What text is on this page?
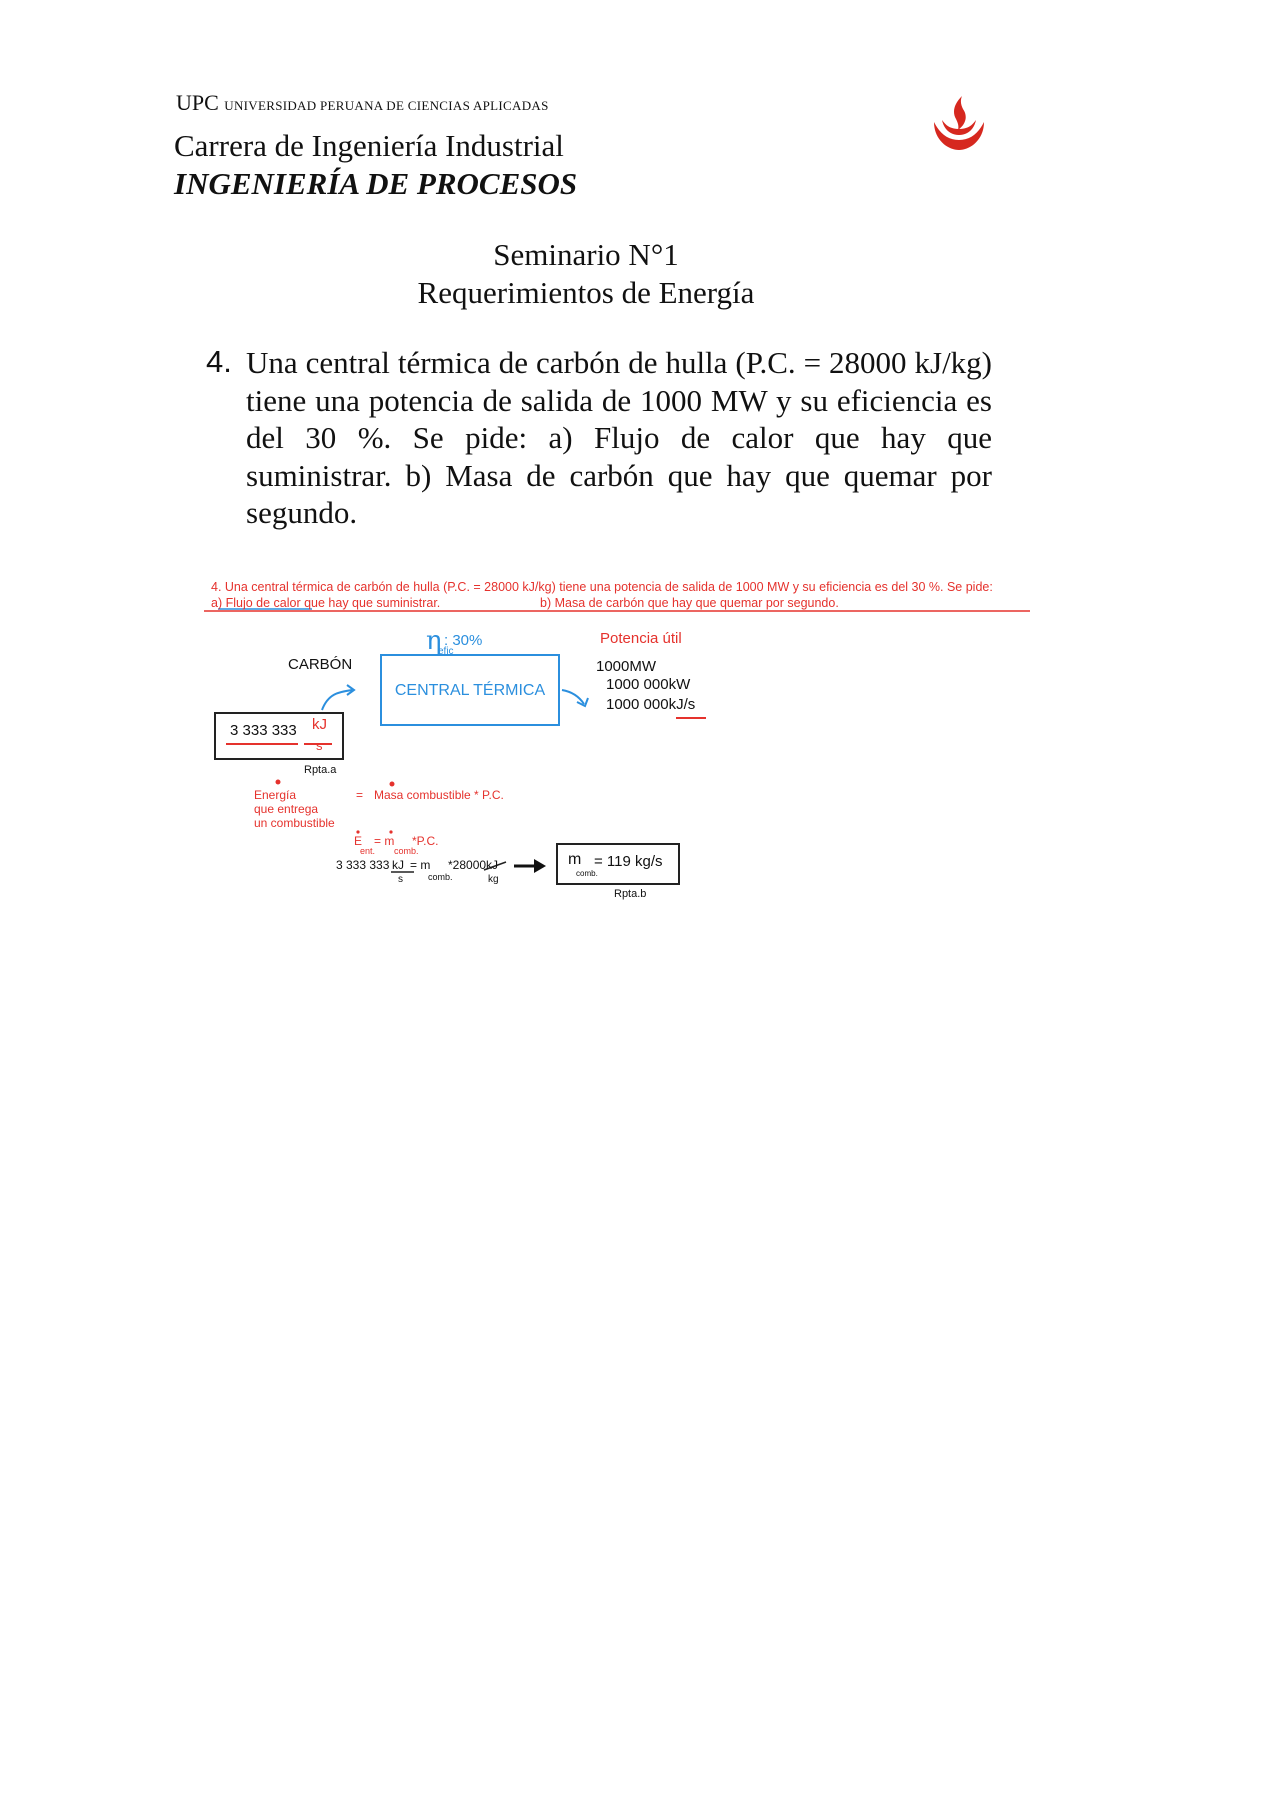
UPC UNIVERSIDAD PERUANA DE CIENCIAS APLICADAS
Carrera de Ingeniería Industrial
INGENIERÍA DE PROCESOS
Seminario N°1
Requerimientos de Energía
4. Una central térmica de carbón de hulla (P.C. = 28000 kJ/kg) tiene una potencia de salida de 1000 MW y su eficiencia es del 30 %. Se pide: a) Flujo de calor que hay que suministrar. b) Masa de carbón que hay que quemar por segundo.
4. Una central térmica de carbón de hulla (P.C. = 28000 kJ/kg) tiene una potencia de salida de 1000 MW y su eficiencia es del 30 %. Se pide:
a) Flujo de calor que hay que suministrar.	b) Masa de carbón que hay que quemar por segundo.
η
efic
: 30%	Potencia útil
CARBÓN
CENTRAL TÉRMICA
1000MW
1000 000kW
1000 000kJ/s
3 333 333 kJ
s
Rpta.a
Energía
que entrega
un combustible
= Masa combustible * P.C.
E
ent.
= m
comb.
*P.C.
3 333 333 kJ
s
= m
comb.
*28000 kJ
kg
m
comb.
= 119 kg/s
Rpta.b
